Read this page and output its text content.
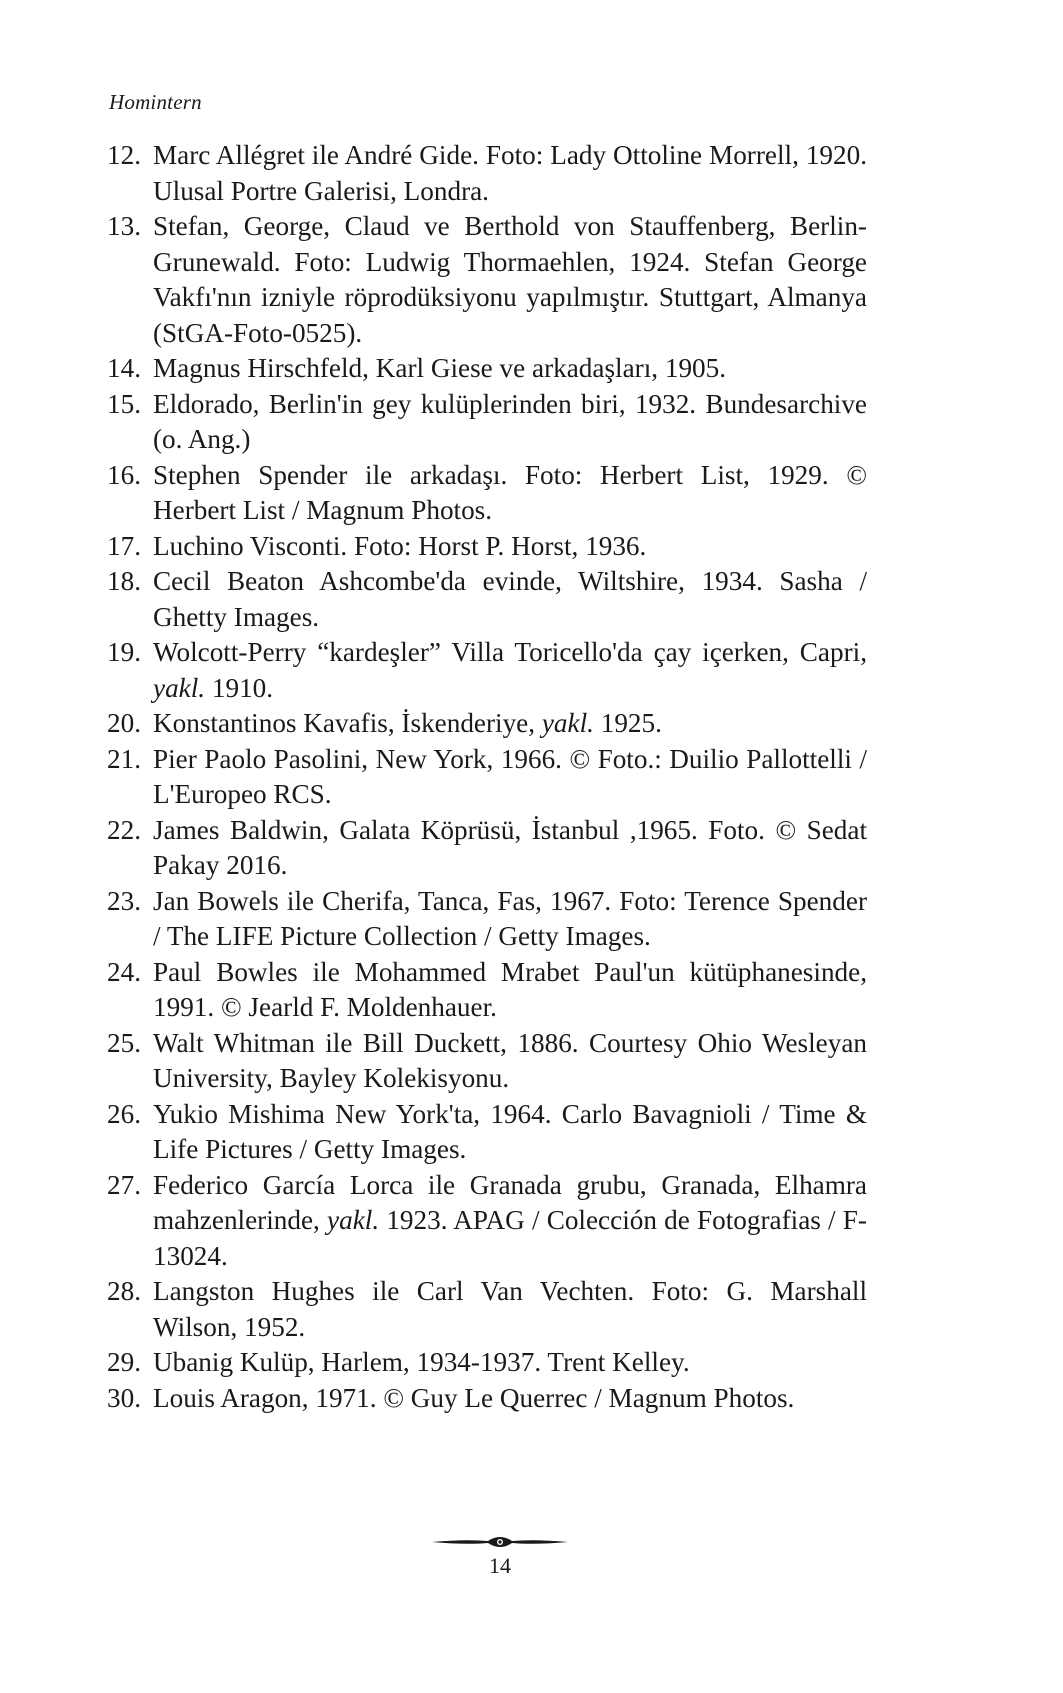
Homintern
12. Marc Allégret ile André Gide. Foto: Lady Ottoline Morrell, 1920. Ulusal Portre Galerisi, Londra.
13. Stefan, George, Claud ve Berthold von Stauffenberg, Berlin-Grunewald. Foto: Ludwig Thormaehlen, 1924. Stefan George Vakfı'nın izniyle röprodüksiyonu yapılmıştır. Stuttgart, Almanya (StGA-Foto-0525).
14. Magnus Hirschfeld, Karl Giese ve arkadaşları, 1905.
15. Eldorado, Berlin'in gey kulüplerinden biri, 1932. Bundesarchive (o. Ang.)
16. Stephen Spender ile arkadaşı. Foto: Herbert List, 1929. © Herbert List / Magnum Photos.
17. Luchino Visconti. Foto: Horst P. Horst, 1936.
18. Cecil Beaton Ashcombe'da evinde, Wiltshire, 1934. Sasha / Ghetty Images.
19. Wolcott-Perry “kardeşler” Villa Toricello'da çay içerken, Capri, yakl. 1910.
20. Konstantinos Kavafis, İskenderiye, yakl. 1925.
21. Pier Paolo Pasolini, New York, 1966. © Foto.: Duilio Pallottelli / L'Europeo RCS.
22. James Baldwin, Galata Köprüsü, İstanbul ,1965. Foto. © Sedat Pakay 2016.
23. Jan Bowels ile Cherifa, Tanca, Fas, 1967. Foto: Terence Spender / The LIFE Picture Collection / Getty Images.
24. Paul Bowles ile Mohammed Mrabet Paul'un kütüphanesinde, 1991. © Jearld F. Moldenhauer.
25. Walt Whitman ile Bill Duckett, 1886. Courtesy Ohio Wesleyan University, Bayley Kolekisyonu.
26. Yukio Mishima New York'ta, 1964. Carlo Bavagnioli / Time & Life Pictures / Getty Images.
27. Federico García Lorca ile Granada grubu, Granada, Elhamra mahzenlerinde, yakl. 1923. APAG / Colección de Fotografias / F-13024.
28. Langston Hughes ile Carl Van Vechten. Foto: G. Marshall Wilson, 1952.
29. Ubanig Kulüp, Harlem, 1934-1937. Trent Kelley.
30. Louis Aragon, 1971. © Guy Le Querrec / Magnum Photos.
14
